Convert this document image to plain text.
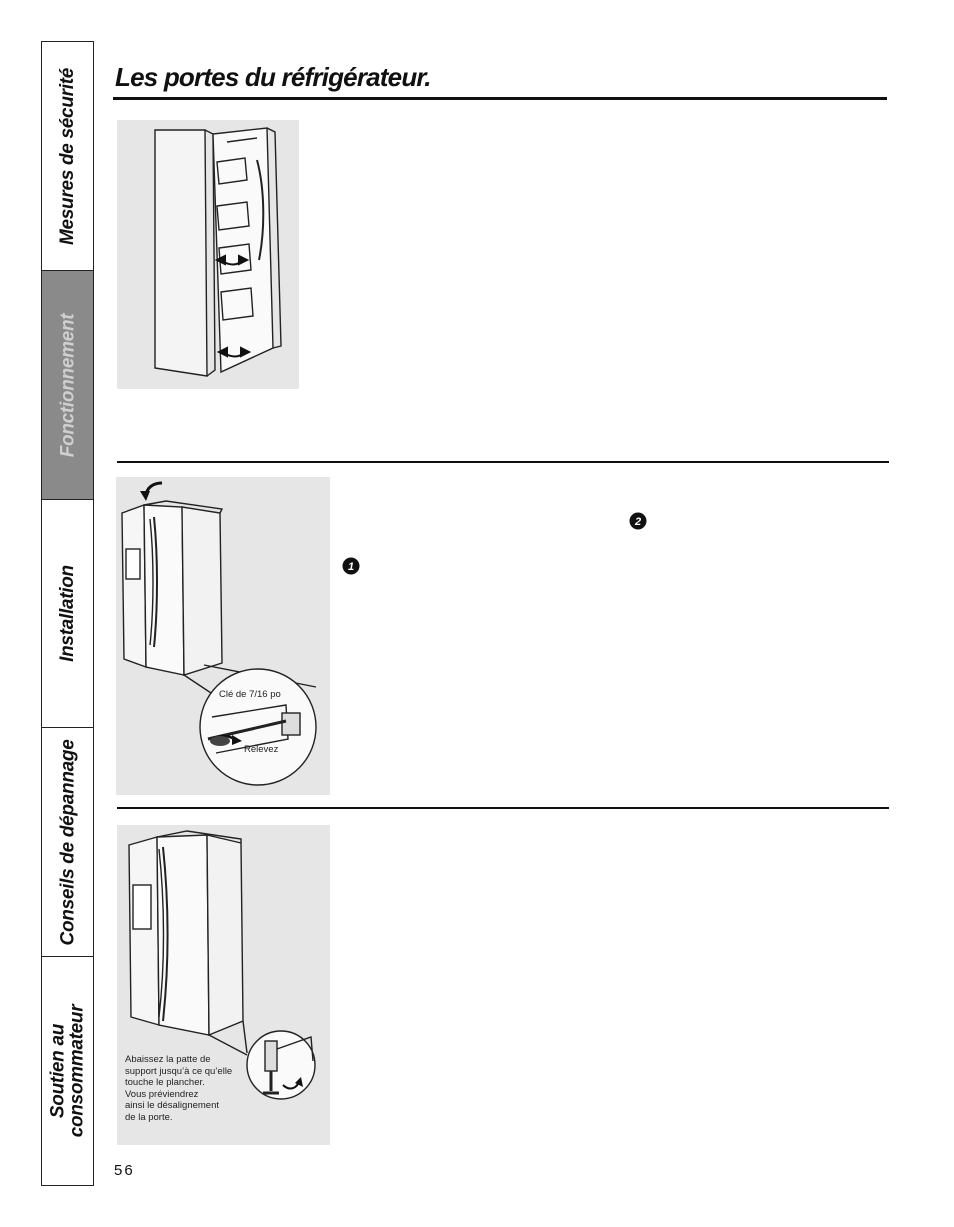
Mesures de sécurité
Fonctionnement
Installation
Conseils de dépannage
Soutien au
consommateur
Les portes du réfrigérateur.
Clé de 7/16 po
Relevez
2
1
Abaissez la patte de
support jusqu’à ce qu’elle
touche le plancher.
Vous préviendrez
ainsi le désalignement
de la porte.
56
